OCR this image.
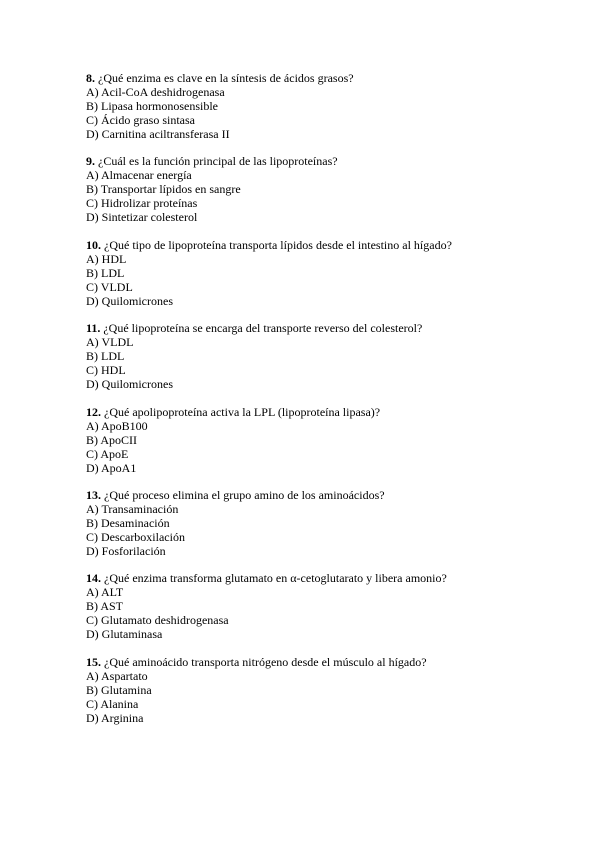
8. ¿Qué enzima es clave en la síntesis de ácidos grasos?
A) Acil-CoA deshidrogenasa
B) Lipasa hormonosensible
C) Ácido graso sintasa
D) Carnitina aciltransferasa II
9. ¿Cuál es la función principal de las lipoproteínas?
A) Almacenar energía
B) Transportar lípidos en sangre
C) Hidrolizar proteínas
D) Sintetizar colesterol
10. ¿Qué tipo de lipoproteína transporta lípidos desde el intestino al hígado?
A) HDL
B) LDL
C) VLDL
D) Quilomicrones
11. ¿Qué lipoproteína se encarga del transporte reverso del colesterol?
A) VLDL
B) LDL
C) HDL
D) Quilomicrones
12. ¿Qué apolipoproteína activa la LPL (lipoproteína lipasa)?
A) ApoB100
B) ApoCII
C) ApoE
D) ApoA1
13. ¿Qué proceso elimina el grupo amino de los aminoácidos?
A) Transaminación
B) Desaminación
C) Descarboxilación
D) Fosforilación
14. ¿Qué enzima transforma glutamato en α-cetoglutarato y libera amonio?
A) ALT
B) AST
C) Glutamato deshidrogenasa
D) Glutaminasa
15. ¿Qué aminoácido transporta nitrógeno desde el músculo al hígado?
A) Aspartato
B) Glutamina
C) Alanina
D) Arginina
